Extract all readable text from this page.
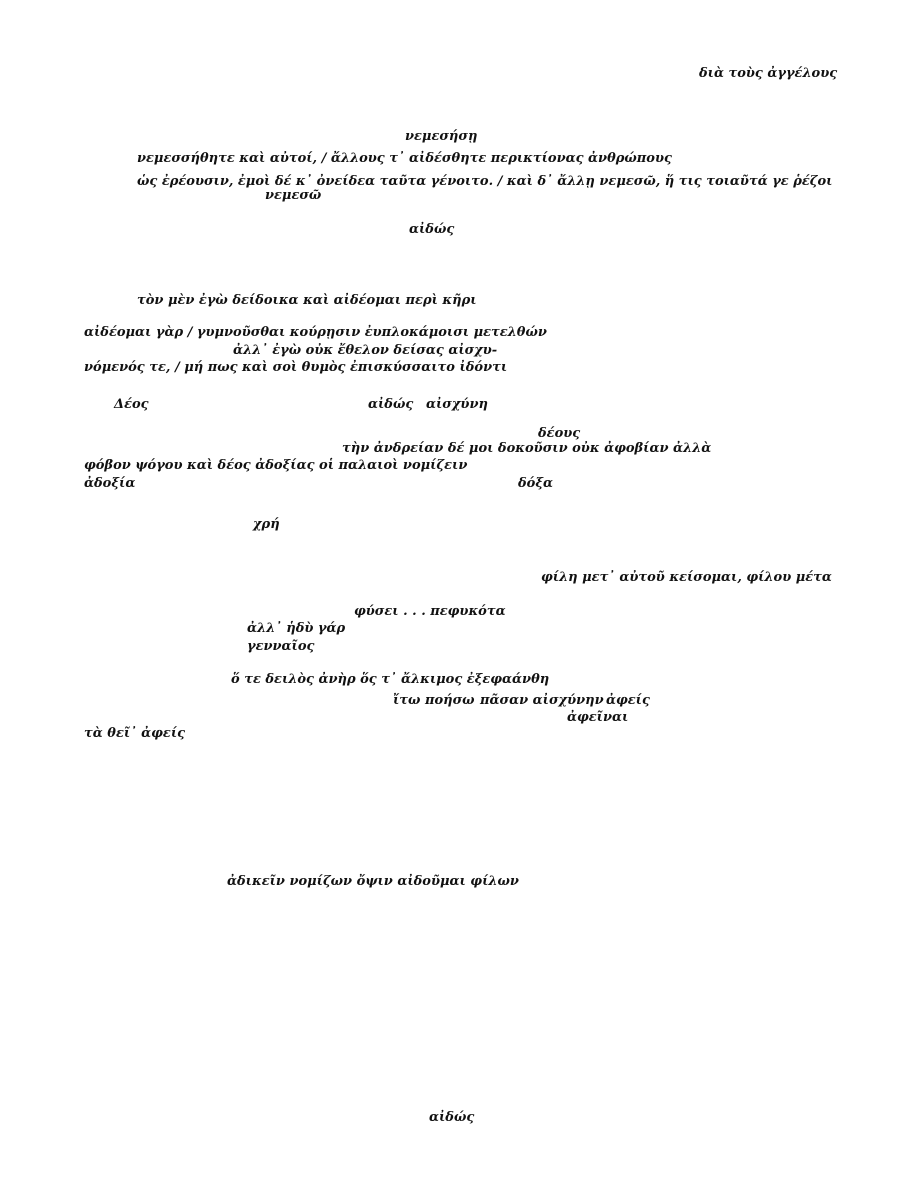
διὰ τοὺς ἀγγέλους
νεμεσήσῃ
νεμεσσήθητε καὶ αὐτοί, / ἄλλους τ᾿ αἰδέσθητε περικτίονας ἀνθρώπους
ὡς ἐρέουσιν, ἐμοὶ δέ κ᾿ ὀνείδεα ταῦτα γένοιτο. / καὶ δ᾿ ἄλλῃ νεμεσῶ, ἥ τις τοιαῦτά γε ῥέζοι
νεμεσῶ
αἰδώς
τὸν μὲν ἐγὼ δείδοικα καὶ αἰδέομαι περὶ κῆρι
αἰδέομαι γὰρ / γυμνοῦσθαι κούρῃσιν ἐυπλοκάμοισι μετελθών
ἀλλ᾿ ἐγὼ οὐκ ἔθελον δείσας αἰσχυ-
νόμενός τε, / μή πως καὶ σοὶ θυμὸς ἐπισκύσσαιτο ἰδόντι
Δέος	αἰδώς αἰσχύνη
δέους
τὴν ἀνδρείαν δέ μοι δοκοῦσιν οὐκ ἀφοβίαν ἀλλὰ
φόβον ψόγου καὶ δέος ἀδοξίας οἱ παλαιοὶ νομίζειν
ἀδοξία	δόξα
χρή
φίλη μετ᾿ αὐτοῦ κείσομαι, φίλου μέτα
φύσει . . . πεφυκότα
ἀλλ᾿ ἡδὺ γάρ
γενναῖος
ὅ τε δειλὸς ἀνὴρ ὅς τ᾿ ἄλκιμος ἐξεφαάνθη
ἴτω ποήσω πᾶσαν αἰσχύνην ἀφείς
ἀφεῖναι
τὰ θεῖ᾿ ἀφείς
ἀδικεῖν νομίζων ὄψιν αἰδοῦμαι φίλων
αἰδώς
